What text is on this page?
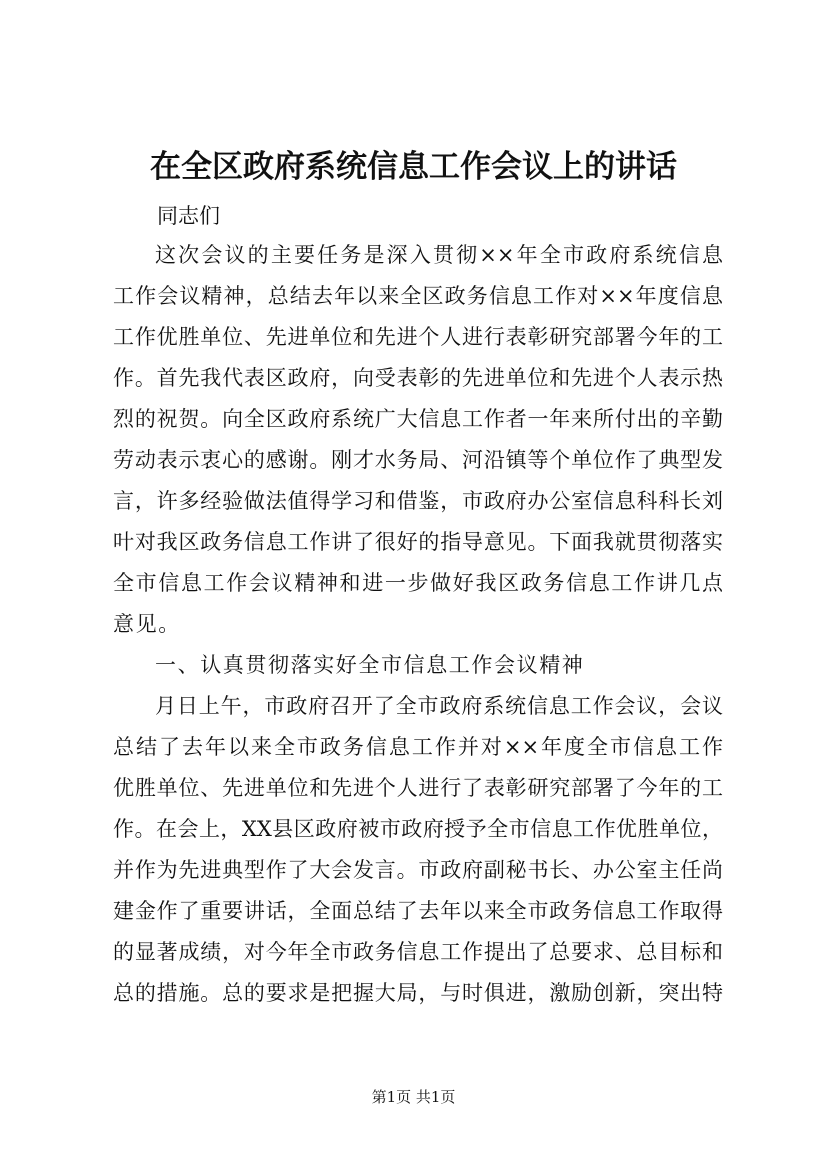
在全区政府系统信息工作会议上的讲话
同志们
这次会议的主要任务是深入贯彻××年全市政府系统信息
工作会议精神，总结去年以来全区政务信息工作对××年度信息
工作优胜单位、先进单位和先进个人进行表彰研究部署今年的工
作。首先我代表区政府，向受表彰的先进单位和先进个人表示热
烈的祝贺。向全区政府系统广大信息工作者一年来所付出的辛勤
劳动表示衷心的感谢。刚才水务局、河沿镇等个单位作了典型发
言，许多经验做法值得学习和借鉴，市政府办公室信息科科长刘
叶对我区政务信息工作讲了很好的指导意见。下面我就贯彻落实
全市信息工作会议精神和进一步做好我区政务信息工作讲几点
意见。
一、认真贯彻落实好全市信息工作会议精神
月日上午，市政府召开了全市政府系统信息工作会议，会议
总结了去年以来全市政务信息工作并对××年度全市信息工作
优胜单位、先进单位和先进个人进行了表彰研究部署了今年的工
作。在会上，XX县区政府被市政府授予全市信息工作优胜单位，
并作为先进典型作了大会发言。市政府副秘书长、办公室主任尚
建金作了重要讲话，全面总结了去年以来全市政务信息工作取得
的显著成绩，对今年全市政务信息工作提出了总要求、总目标和
总的措施。总的要求是把握大局，与时俱进，激励创新，突出特
第1页 共1页
